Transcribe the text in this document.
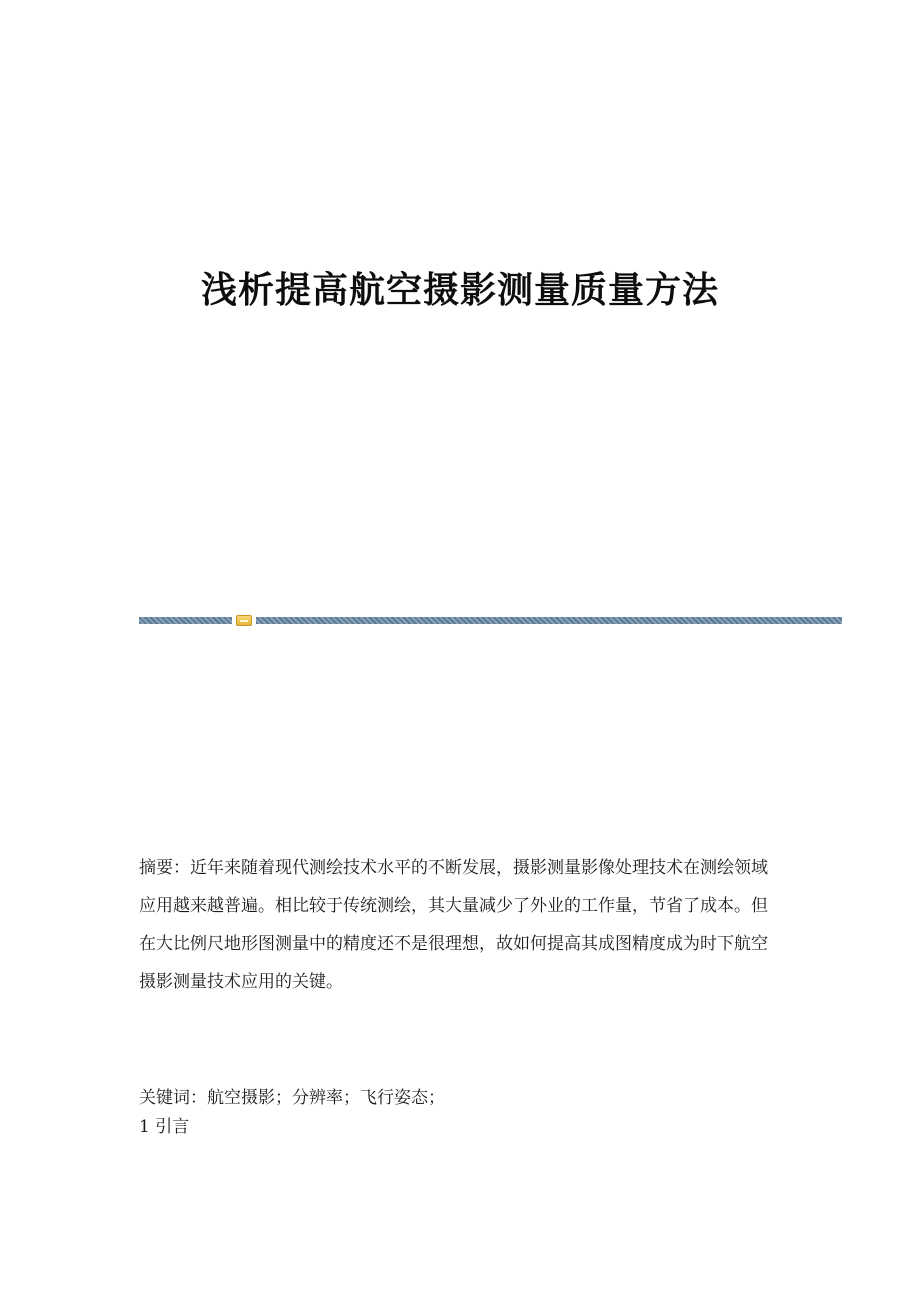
浅析提高航空摄影测量质量方法
摘要：近年来随着现代测绘技术水平的不断发展，摄影测量影像处理技术在测绘领域应用越来越普遍。相比较于传统测绘，其大量减少了外业的工作量，节省了成本。但在大比例尺地形图测量中的精度还不是很理想，故如何提高其成图精度成为时下航空摄影测量技术应用的关键。
关键词：航空摄影；分辨率；飞行姿态；
1 引言
